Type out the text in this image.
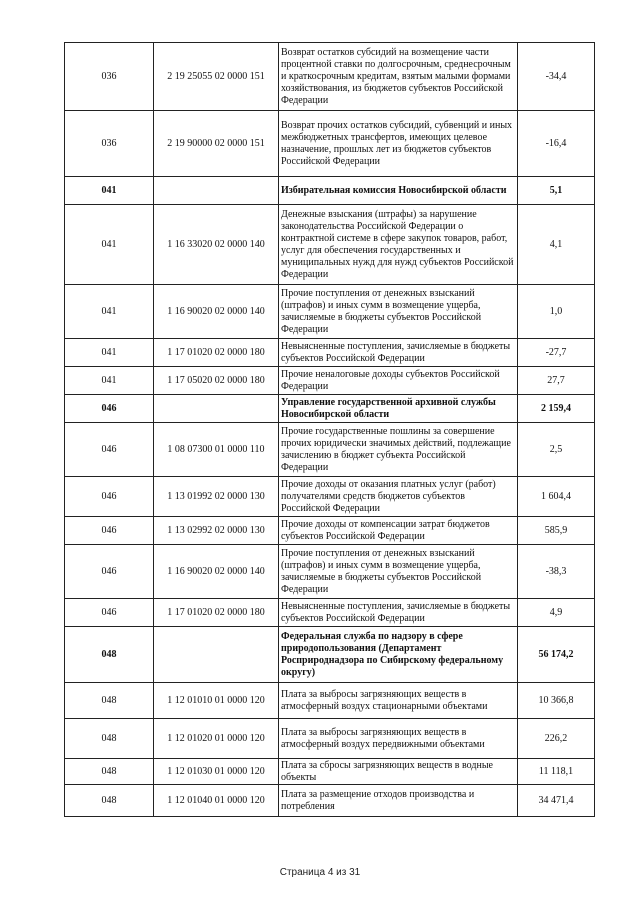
036	2 19 25055 02 0000 151	Возврат остатков субсидий на возмещение части процентной ставки по долгосрочным, среднесрочным и краткосрочным кредитам, взятым малыми формами хозяйствования, из бюджетов субъектов Российской Федерации	-34,4
036	2 19 90000 02 0000 151	Возврат прочих остатков субсидий, субвенций и иных межбюджетных трансфертов, имеющих целевое назначение, прошлых лет из бюджетов субъектов Российской Федерации	-16,4
041		Избирательная комиссия Новосибирской области	5,1
041	1 16 33020 02 0000 140	Денежные взыскания (штрафы) за нарушение законодательства Российской Федерации о контрактной системе в сфере закупок товаров, работ, услуг для обеспечения государственных и муниципальных нужд для нужд субъектов Российской Федерации	4,1
041	1 16 90020 02 0000 140	Прочие поступления от денежных взысканий (штрафов) и иных сумм в возмещение ущерба, зачисляемые в бюджеты субъектов Российской Федерации	1,0
041	1 17 01020 02 0000 180	Невыясненные поступления, зачисляемые в бюджеты субъектов Российской Федерации	-27,7
041	1 17 05020 02 0000 180	Прочие неналоговые доходы субъектов Российской Федерации	27,7
046		Управление государственной архивной службы Новосибирской области	2 159,4
046	1 08 07300 01 0000 110	Прочие государственные пошлины за совершение прочих юридически значимых действий, подлежащие зачислению в бюджет субъекта Российской Федерации	2,5
046	1 13 01992 02 0000 130	Прочие доходы от оказания платных услуг (работ) получателями средств бюджетов субъектов Российской Федерации	1 604,4
046	1 13 02992 02 0000 130	Прочие доходы от компенсации затрат бюджетов субъектов Российской Федерации	585,9
046	1 16 90020 02 0000 140	Прочие поступления от денежных взысканий (штрафов) и иных сумм в возмещение ущерба, зачисляемые в бюджеты субъектов Российской Федерации	-38,3
046	1 17 01020 02 0000 180	Невыясненные поступления, зачисляемые в бюджеты субъектов Российской Федерации	4,9
048		Федеральная служба по надзору в сфере природопользования (Департамент Росприроднадзора по Сибирскому федеральному округу)	56 174,2
048	1 12 01010 01 0000 120	Плата за выбросы загрязняющих веществ в атмосферный воздух стационарными объектами	10 366,8
048	1 12 01020 01 0000 120	Плата за выбросы загрязняющих веществ в атмосферный воздух передвижными объектами	226,2
048	1 12 01030 01 0000 120	Плата за сбросы загрязняющих веществ в водные объекты	11 118,1
048	1 12 01040 01 0000 120	Плата за размещение отходов производства и потребления	34 471,4
Страница 4 из 31
